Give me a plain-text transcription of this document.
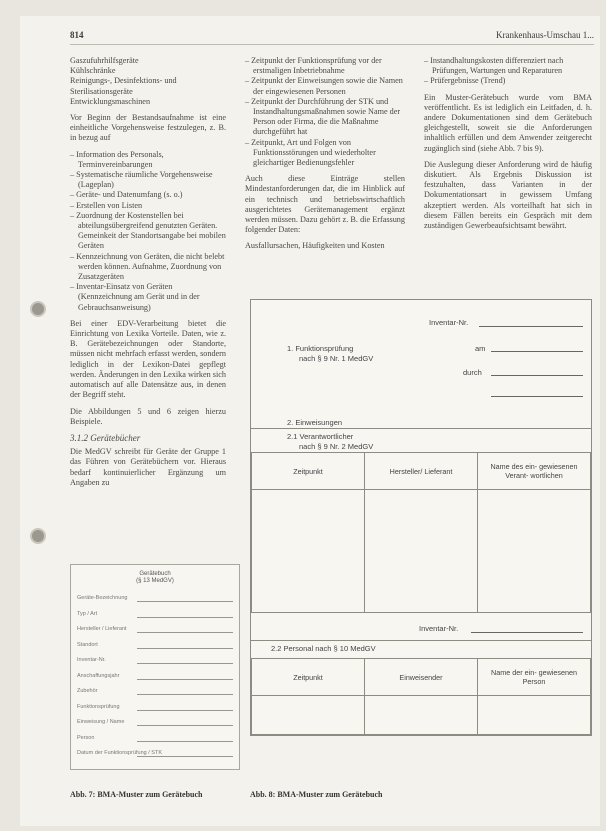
814	Krankenhaus-Umschau 1...
Gaszufuhrhilfsgeräte
Kühlschränke
Reinigungs-, Desinfektions- und Sterilisationsgeräte
Entwicklungsmaschinen

Vor Beginn der Bestandsaufnahme ist eine einheitliche Vorgehensweise festzulegen, z. B. in bezug auf

– Information des Personals, Terminvereinbarungen
– Systematische räumliche Vorgehensweise (Lageplan)
– Geräte- und Datenumfang (s. o.)
– Erstellen von Listen
– Zuordnung der Kostenstellen bei abteilungsübergreifend genutzten Geräten. Gemeinkeit der Standortsangabe bei mobilen Geräten
– Kennzeichnung von Geräten, die nicht belebt werden können. Aufnahme, Zuordnung von Zusatzgeräten
– Inventar-Einsatz von Geräten (Kennzeichnung am Gerät und in der Gebrauchsanweisung)

Bei einer EDV-Verarbeitung bietet die Einrichtung von Lexika Vorteile. Daten, wie z. B. Gerätebezeichnungen oder Standorte, müssen nicht mehrfach erfasst werden, sondern lediglich in der Lexikon-Datei gepflegt werden. Änderungen in den Lexika wirken sich automatisch auf alle Datensätze aus, in denen der Begriff steht.

Die Abbildungen 5 und 6 zeigen hierzu Beispiele.

3.1.2 Gerätebücher

Die MedGV schreibt für Geräte der Gruppe 1 das Führen von Gerätebüchern vor. Hieraus bedarf kontinuierlicher Ergänzung um Angaben zu

– Zeitpunkt der Funktionsprüfung vor der erstmaligen Inbetriebnahme
– Zeitpunkt der Einweisungen sowie die Namen der eingewiesenen Personen
– Zeitpunkt der Durchführung der STK und Instandhaltungsmaßnahmen sowie Name der Person oder Firma, die die Maßnahme durchgeführt hat
– Zeitpunkt, Art und Folgen von Funktionsstörungen und wiederholter gleichartiger Bedienungsfehler

Auch diese Einträge stellen Mindestanforderungen dar, die im Hinblick auf ein technisch und betriebswirtschaftlich ausgerichtetes Gerätemanagement ergänzt werden müssen. Dazu gehört z. B. die Erfassung folgender Daten:

Ausfallursachen, Häufigkeiten und Kosten

– Instandhaltungskosten differenziert nach Prüfungen, Wartungen und Reparaturen
– Prüfergebnisse (Trend)

Ein Muster-Gerätebuch wurde vom BMA veröffentlicht. Es ist lediglich ein Leitfaden, d. h. andere Dokumentationen sind dem Gerätebuch gleichgestellt, soweit sie die Anforderungen inhaltlich erfüllen und dem Anwender zeitgerecht zugänglich sind (siehe Abb. 7 bis 9).

Die Auslegung dieser Anforderung wird de häufig diskutiert. Als Ergebnis Diskussion ist festzuhalten, dass Varianten in der Dokumentationsart in gewissem Umfang akzeptiert werden. Als vorteilhaft hat sich in diesem Fällen bereits ein Gespräch mit dem zuständigen Gewerbeaufsichtsamt bewährt.

Gerätebuch
(§ 13 MedGV)
Geräte-Bezeichnung
Typ / Art
Hersteller / Lieferant
Standort
Inventar-Nr.
Anschaffungsjahr
Zubehör
Funktionsprüfung
Einweisung / Name
Person
Datum der Funktionsprüfung / STK
Inventar-Nr.
1. Funktionsprüfung
nach § 9 Nr. 1 MedGV
am
durch
2. Einweisungen
2.1 Verantwortlicher
nach § 9 Nr. 2 MedGV
Zeitpunkt	Hersteller/ Lieferant	Name des ein- gewiesenen Verant- wortlichen

Inventar-Nr.
2.2 Personal nach § 10 MedGV
Zeitpunkt	Einweisender	Name der ein- gewiesenen Person

Abb. 7: BMA-Muster zum Gerätebuch	Abb. 8: BMA-Muster zum Gerätebuch
